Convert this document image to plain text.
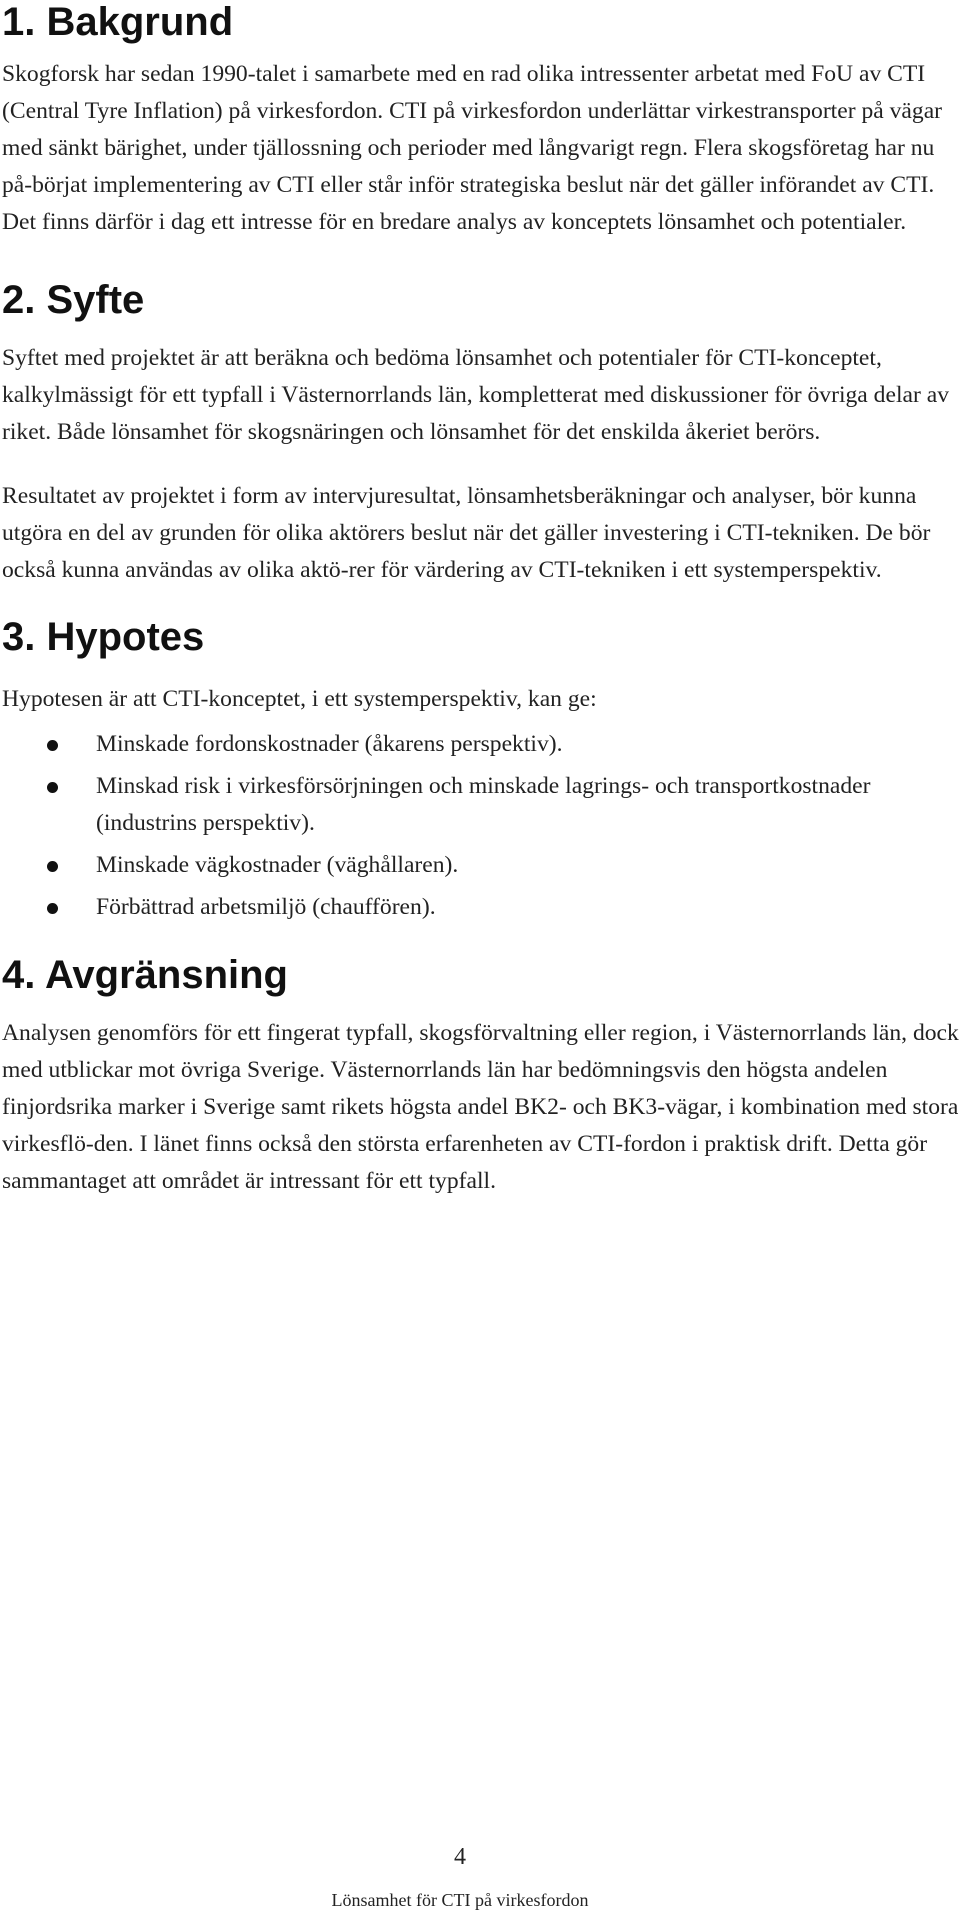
1. Bakgrund

Skogforsk har sedan 1990-talet i samarbete med en rad olika intressenter arbetat med FoU av CTI (Central Tyre Inflation) på virkesfordon. CTI på virkesfordon underlättar virkestransporter på vägar med sänkt bärighet, under tjällossning och perioder med långvarigt regn. Flera skogsföretag har nu på-börjat implementering av CTI eller står inför strategiska beslut när det gäller införandet av CTI. Det finns därför i dag ett intresse för en bredare analys av konceptets lönsamhet och potentialer.

2. Syfte

Syftet med projektet är att beräkna och bedöma lönsamhet och potentialer för CTI-konceptet, kalkylmässigt för ett typfall i Västernorrlands län, kompletterat med diskussioner för övriga delar av riket. Både lönsamhet för skogsnäringen och lönsamhet för det enskilda åkeriet berörs.

Resultatet av projektet i form av intervjuresultat, lönsamhetsberäkningar och analyser, bör kunna utgöra en del av grunden för olika aktörers beslut när det gäller investering i CTI-tekniken. De bör också kunna användas av olika aktö-rer för värdering av CTI-tekniken i ett systemperspektiv.

3. Hypotes

Hypotesen är att CTI-konceptet, i ett systemperspektiv, kan ge:

Minskade fordonskostnader (åkarens perspektiv).
Minskad risk i virkesförsörjningen och minskade lagrings- och transportkostnader (industrins perspektiv).
Minskade vägkostnader (väghållaren).
Förbättrad arbetsmiljö (chauffören).
4. Avgränsning

Analysen genomförs för ett fingerat typfall, skogsförvaltning eller region, i Västernorrlands län, dock med utblickar mot övriga Sverige. Västernorrlands län har bedömningsvis den högsta andelen finjordsrika marker i Sverige samt rikets högsta andel BK2- och BK3-vägar, i kombination med stora virkesflö-den. I länet finns också den största erfarenheten av CTI-fordon i praktisk drift. Detta gör sammantaget att området är intressant för ett typfall.

4
Lönsamhet för CTI på virkesfordon
